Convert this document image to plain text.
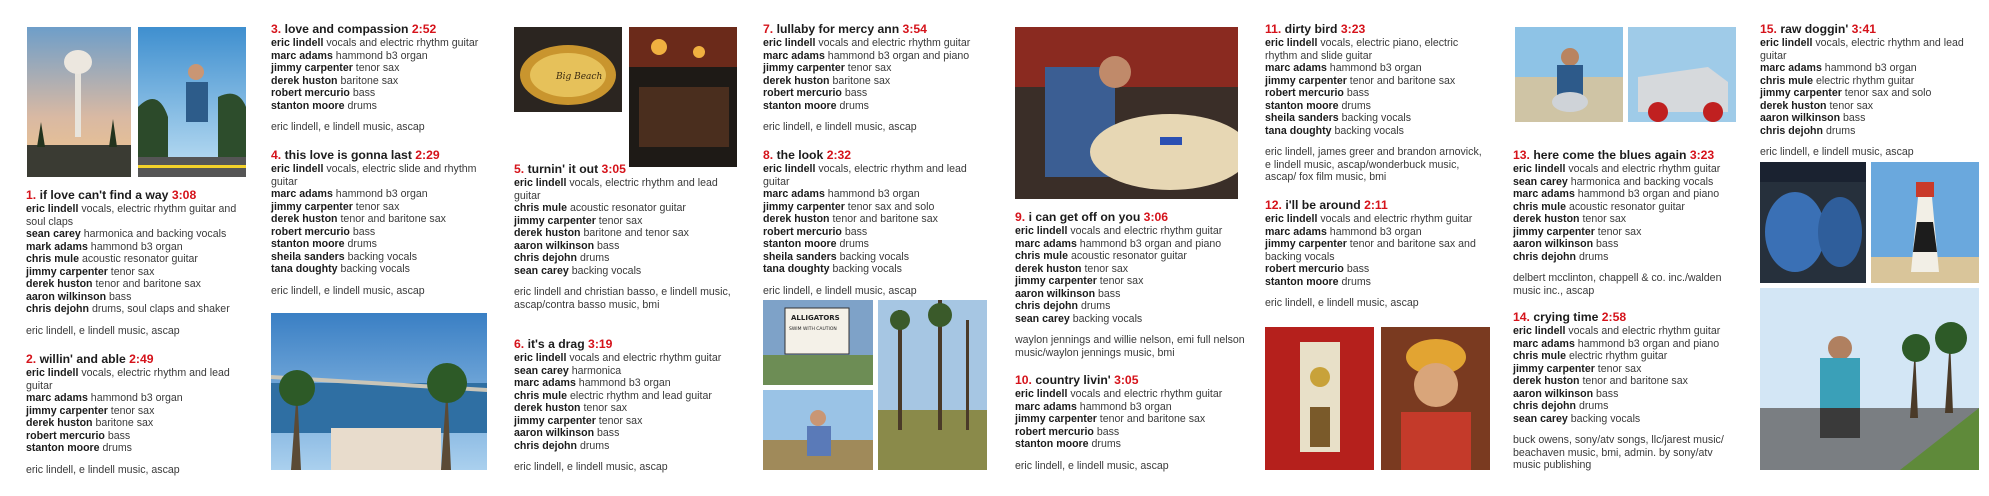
Big Beach
ALLIGATORS
SWIM WITH CAUTION
1. if love can't find a way 3:08
eric lindell vocals, electric rhythm guitar and soul claps
sean carey harmonica and backing vocals
mark adams hammond b3 organ
chris mule acoustic resonator guitar
jimmy carpenter tenor sax
derek huston tenor and baritone sax
aaron wilkinson bass
chris dejohn drums, soul claps and shaker
eric lindell, e lindell music, ascap
2. willin' and able 2:49
eric lindell vocals, electric rhythm and lead guitar
marc adams hammond b3 organ
jimmy carpenter tenor sax
derek huston baritone sax
robert mercurio bass
stanton moore drums
eric lindell, e lindell music, ascap
3. love and compassion 2:52
eric lindell vocals and electric rhythm guitar
marc adams hammond b3 organ
jimmy carpenter tenor sax
derek huston baritone sax
robert mercurio bass
stanton moore drums
eric lindell, e lindell music, ascap
4. this love is gonna last 2:29
eric lindell vocals, electric slide and rhythm guitar
marc adams hammond b3 organ
jimmy carpenter tenor sax
derek huston tenor and baritone sax
robert mercurio bass
stanton moore drums
sheila sanders backing vocals
tana doughty backing vocals
eric lindell, e lindell music, ascap
5. turnin' it out 3:05
eric lindell vocals, electric rhythm and lead guitar
chris mule acoustic resonator guitar
jimmy carpenter tenor sax
derek huston baritone and tenor sax
aaron wilkinson bass
chris dejohn drums
sean carey backing vocals
eric lindell and christian basso, e lindell music, ascap/contra basso music, bmi
6. it's a drag 3:19
eric lindell vocals and electric rhythm guitar
sean carey harmonica
marc adams hammond b3 organ
chris mule electric rhythm and lead guitar
derek huston tenor sax
jimmy carpenter tenor sax
aaron wilkinson bass
chris dejohn drums
eric lindell, e lindell music, ascap
7. lullaby for mercy ann 3:54
eric lindell vocals and electric rhythm guitar
marc adams hammond b3 organ and piano
jimmy carpenter tenor sax
derek huston baritone sax
robert mercurio bass
stanton moore drums
eric lindell, e lindell music, ascap
8. the look 2:32
eric lindell vocals, electric rhythm and lead guitar
marc adams hammond b3 organ
jimmy carpenter tenor sax and solo
derek huston tenor and baritone sax
robert mercurio bass
stanton moore drums
sheila sanders backing vocals
tana doughty backing vocals
eric lindell, e lindell music, ascap
9. i can get off on you 3:06
eric lindell vocals and electric rhythm guitar
marc adams hammond b3 organ and piano
chris mule acoustic resonator guitar
derek huston tenor sax
jimmy carpenter tenor sax
aaron wilkinson bass
chris dejohn drums
sean carey backing vocals
waylon jennings and willie nelson, emi full nelson music/waylon jennings music, bmi
10. country livin' 3:05
eric lindell vocals and electric rhythm guitar
marc adams hammond b3 organ
jimmy carpenter tenor and baritone sax
robert mercurio bass
stanton moore drums
eric lindell, e lindell music, ascap
11. dirty bird 3:23
eric lindell vocals, electric piano, electric rhythm and slide guitar
marc adams hammond b3 organ
jimmy carpenter tenor and baritone sax
robert mercurio bass
stanton moore drums
sheila sanders backing vocals
tana doughty backing vocals
eric lindell, james greer and brandon arnovick, e lindell music, ascap/wonderbuck music, ascap/ fox film music, bmi
12. i'll be around 2:11
eric lindell vocals and electric rhythm guitar
marc adams hammond b3 organ
jimmy carpenter tenor and baritone sax and backing vocals
robert mercurio bass
stanton moore drums
eric lindell, e lindell music, ascap
13. here come the blues again 3:23
eric lindell vocals and electric rhythm guitar
sean carey harmonica and backing vocals
marc adams hammond b3 organ and piano
chris mule acoustic resonator guitar
derek huston tenor sax
jimmy carpenter tenor sax
aaron wilkinson bass
chris dejohn drums
delbert mcclinton, chappell & co. inc./walden music inc., ascap
14. crying time 2:58
eric lindell vocals and electric rhythm guitar
marc adams hammond b3 organ and piano
chris mule electric rhythm guitar
jimmy carpenter tenor sax
derek huston tenor and baritone sax
aaron wilkinson bass
chris dejohn drums
sean carey backing vocals
buck owens, sony/atv songs, llc/jarest music/ beachaven music, bmi, admin. by sony/atv music publishing
15. raw doggin' 3:41
eric lindell vocals, electric rhythm and lead guitar
marc adams hammond b3 organ
chris mule electric rhythm guitar
jimmy carpenter tenor sax and solo
derek huston tenor sax
aaron wilkinson bass
chris dejohn drums
eric lindell, e lindell music, ascap
